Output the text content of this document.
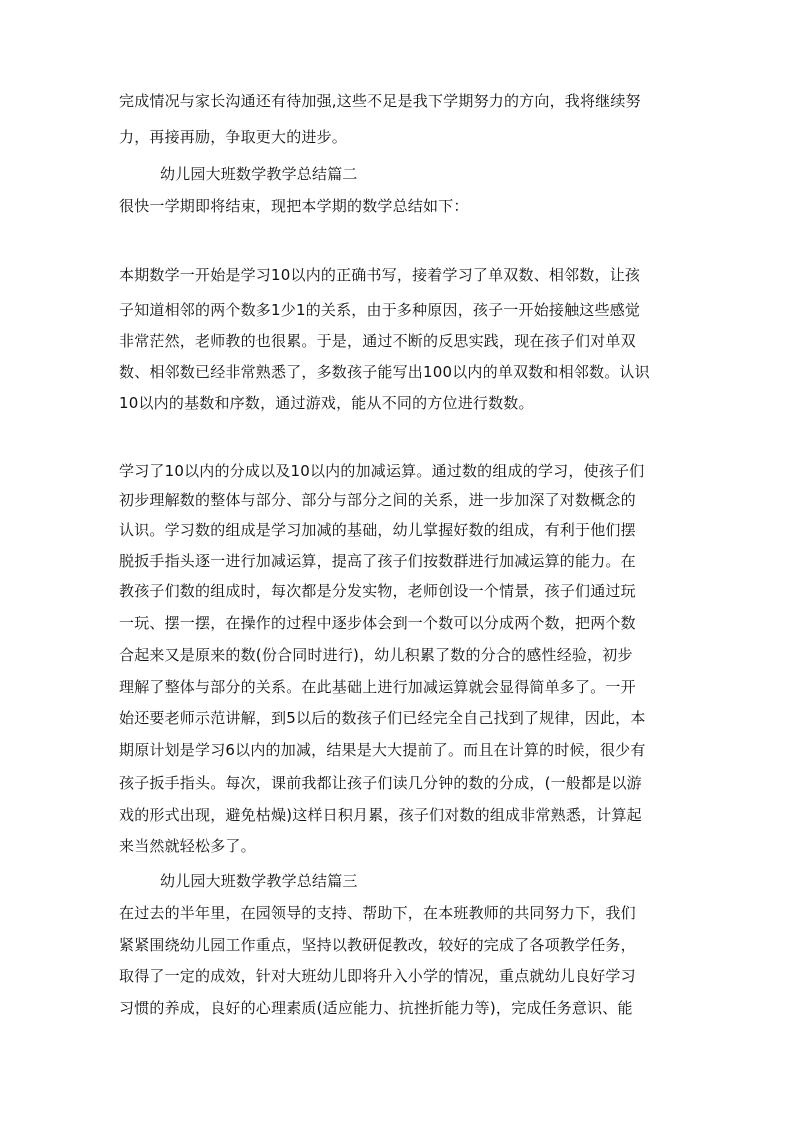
完成情况与家长沟通还有待加强,这些不足是我下学期努力的方向，我将继续努
力，再接再励，争取更大的进步。
幼儿园大班数学教学总结篇二
很快一学期即将结束，现把本学期的数学总结如下：
本期数学一开始是学习10以内的正确书写，接着学习了单双数、相邻数，让孩
子知道相邻的两个数多1少1的关系，由于多种原因，孩子一开始接触这些感觉
非常茫然，老师教的也很累。于是，通过不断的反思实践，现在孩子们对单双
数、相邻数已经非常熟悉了，多数孩子能写出100以内的单双数和相邻数。认识
10以内的基数和序数，通过游戏，能从不同的方位进行数数。
学习了10以内的分成以及10以内的加减运算。通过数的组成的学习，使孩子们
初步理解数的整体与部分、部分与部分之间的关系，进一步加深了对数概念的
认识。学习数的组成是学习加减的基础，幼儿掌握好数的组成，有利于他们摆
脱扳手指头逐一进行加减运算，提高了孩子们按数群进行加减运算的能力。在
教孩子们数的组成时，每次都是分发实物，老师创设一个情景，孩子们通过玩
一玩、摆一摆，在操作的过程中逐步体会到一个数可以分成两个数，把两个数
合起来又是原来的数(份合同时进行)，幼儿积累了数的分合的感性经验，初步
理解了整体与部分的关系。在此基础上进行加减运算就会显得简单多了。一开
始还要老师示范讲解，到5以后的数孩子们已经完全自己找到了规律，因此，本
期原计划是学习6以内的加减，结果是大大提前了。而且在计算的时候，很少有
孩子扳手指头。每次，课前我都让孩子们读几分钟的数的分成，(一般都是以游
戏的形式出现，避免枯燥)这样日积月累，孩子们对数的组成非常熟悉，计算起
来当然就轻松多了。
幼儿园大班数学教学总结篇三
在过去的半年里，在园领导的支持、帮助下，在本班教师的共同努力下，我们
紧紧围绕幼儿园工作重点，坚持以教研促教改，较好的完成了各项教学任务，
取得了一定的成效，针对大班幼儿即将升入小学的情况，重点就幼儿良好学习
习惯的养成，良好的心理素质(适应能力、抗挫折能力等)，完成任务意识、能
